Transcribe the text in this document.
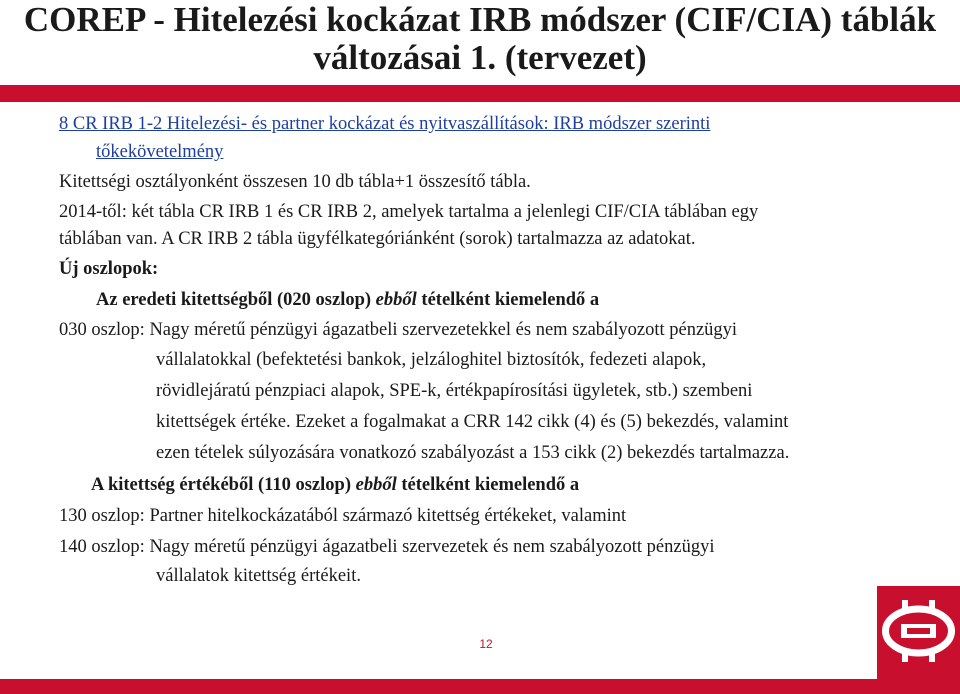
COREP - Hitelezési kockázat IRB módszer (CIF/CIA) táblák
változásai 1. (tervezet)
8 CR IRB 1-2 Hitelezési- és partner kockázat és nyitvaszállítások: IRB módszer szerinti
tőkekövetelmény
Kitettségi osztályonként összesen 10 db tábla+1 összesítő tábla.
2014-től: két tábla CR IRB 1 és CR IRB 2, amelyek tartalma a jelenlegi CIF/CIA táblában egy
táblában van. A CR IRB 2 tábla ügyfélkategóriánként (sorok) tartalmazza az adatokat.
Új oszlopok:
Az eredeti kitettségből (020 oszlop) ebből tételként kiemelendő a
030 oszlop: Nagy méretű pénzügyi ágazatbeli szervezetekkel és nem szabályozott pénzügyi
vállalatokkal (befektetési bankok, jelzáloghitel biztosítók, fedezeti alapok,
rövidlejáratú pénzpiaci alapok, SPE-k, értékpapírosítási ügyletek, stb.) szembeni
kitettségek értéke. Ezeket a fogalmakat a CRR 142 cikk (4) és (5) bekezdés, valamint
ezen tételek súlyozására vonatkozó szabályozást a 153 cikk (2) bekezdés tartalmazza.
A kitettség értékéből (110 oszlop) ebből tételként kiemelendő a
130 oszlop: Partner hitelkockázatából származó kitettség értékeket, valamint
140 oszlop: Nagy méretű pénzügyi ágazatbeli szervezetek és nem szabályozott pénzügyi
vállalatok kitettség értékeit.
12
